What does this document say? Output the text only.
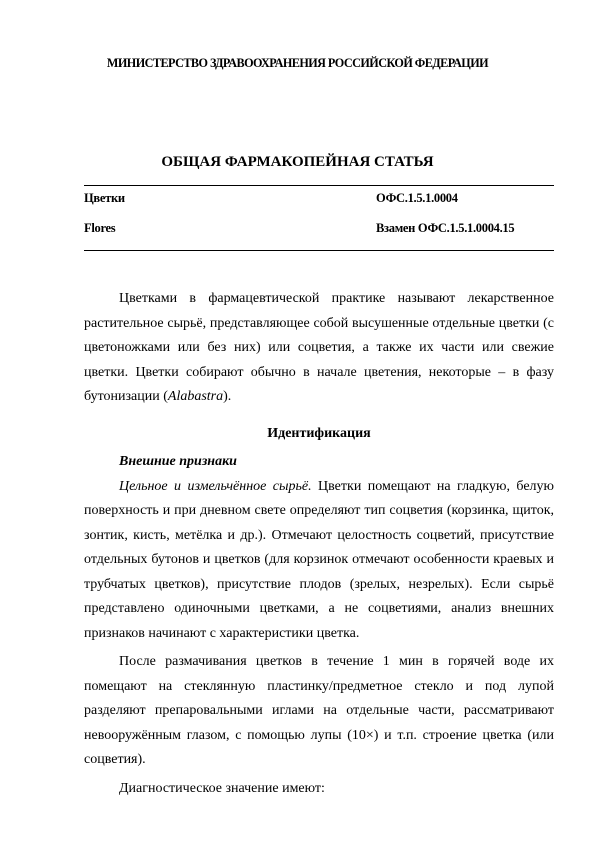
МИНИСТЕРСТВО ЗДРАВООХРАНЕНИЯ РОССИЙСКОЙ ФЕДЕРАЦИИ
ОБЩАЯ ФАРМАКОПЕЙНАЯ СТАТЬЯ
Цветки	ОФС.1.5.1.0004
Flores	Взамен ОФС.1.5.1.0004.15

Цветками в фармацевтической практике называют лекарственное растительное сырьё, представляющее собой высушенные отдельные цветки (с цветоножками или без них) или соцветия, а также их части или свежие цветки. Цветки собирают обычно в начале цветения, некоторые – в фазу бутонизации (Alabastra).

Идентификация

Внешние признаки

Цельное и измельчённое сырьё. Цветки помещают на гладкую, белую поверхность и при дневном свете определяют тип соцветия (корзинка, щиток, зонтик, кисть, метёлка и др.). Отмечают целостность соцветий, присутствие отдельных бутонов и цветков (для корзинок отмечают особенности краевых и трубчатых цветков), присутствие плодов (зрелых, незрелых). Если сырьё представлено одиночными цветками, а не соцветиями, анализ внешних признаков начинают с характеристики цветка.

После размачивания цветков в течение 1 мин в горячей воде их помещают на стеклянную пластинку/предметное стекло и под лупой разделяют препаровальными иглами на отдельные части, рассматривают невооружённым глазом, с помощью лупы (10×) и т.п. строение цветка (или соцветия).

Диагностическое значение имеют:
